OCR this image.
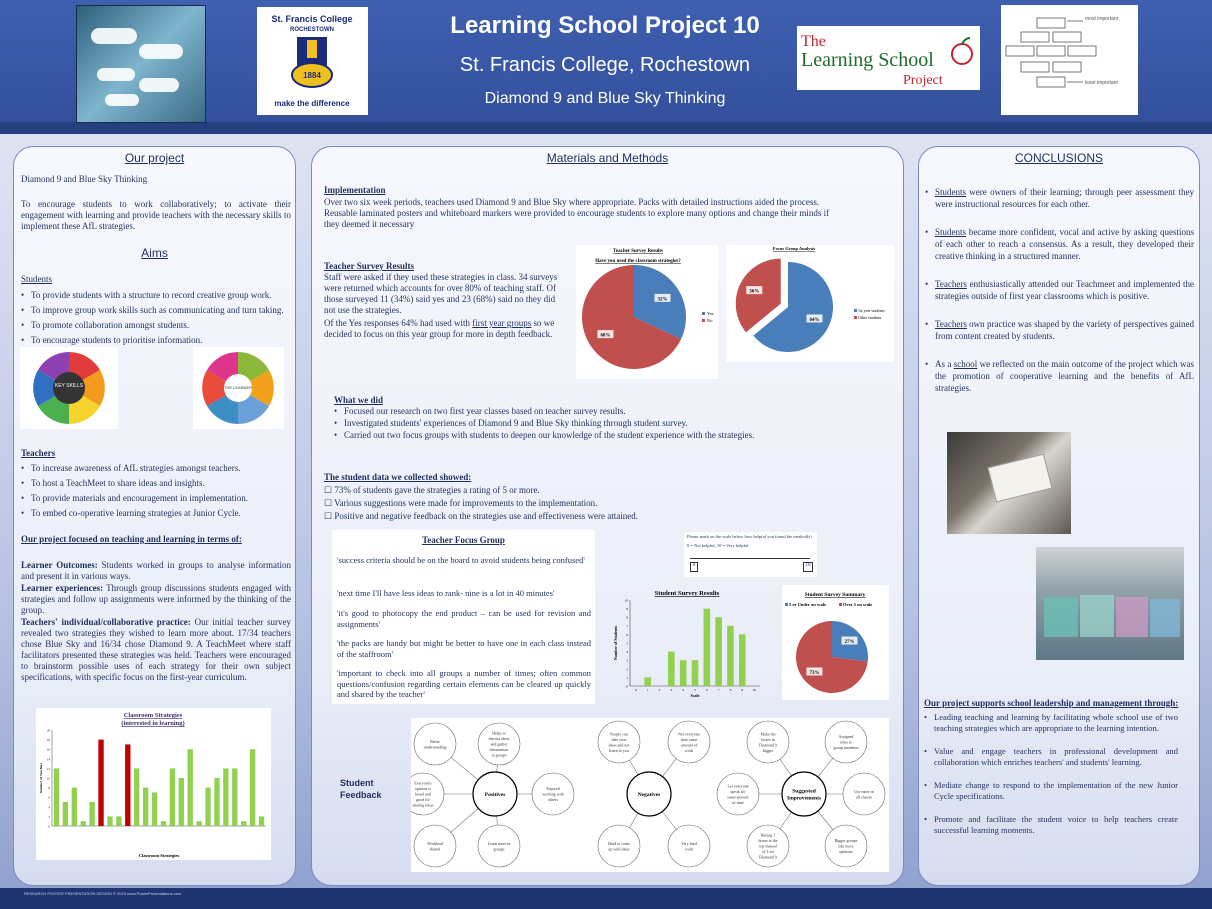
St. Francis College
ROCHESTOWN
1884
make the difference
Learning School Project 10
St. Francis College, Rochestown
Diamond 9 and Blue Sky Thinking
The
Learning School
Project
most important
least important
Our project
Diamond 9 and Blue Sky Thinking
To encourage students to work collaboratively; to activate their engagement with learning and provide teachers with the necessary skills to implement these AfL strategies.
Aims
Students
• To provide students with a structure to record creative group work.
• To improve group work skills such as communicating and turn taking.
• To promote collaboration amongst students.
• To encourage students to prioritise information.
KEY SKILLS	THE LEARNER
Teachers
• To increase awareness of AfL strategies amongst teachers.
• To host a TeachMeet to share ideas and insights.
• To provide materials and encouragement in implementation.
• To embed co-operative learning strategies at Junior Cycle.
Our project focused on teaching and learning in terms of:
Learner Outcomes: Students worked in groups to analyse information and present it in various ways.
Learner experiences: Through group discussions students engaged with strategies and follow up assignments were informed by the thinking of the group.
Teachers' individual/collaborative practice: Our initial teacher survey revealed two strategies they wished to learn more about. 17/34 teachers chose Blue Sky and 16/34 chose Diamond 9. A TeachMeet where staff facilitators presented these strategies was held. Teachers were encouraged to brainstorm possible uses of each strategy for their own subject specifications, with specific focus on the first-year curriculum.
Classroom Strategies
(interested in learning)
0
2
4
6
8
10
12
14
16
18
20
Classroom Strategies
Number of Teachers
Materials and Methods
Implementation
Over two six week periods, teachers used Diamond 9 and Blue Sky where appropriate. Packs with detailed instructions aided the process. Reusable laminated posters and whiteboard markers were provided to encourage students to explore many options and change their minds if they deemed it necessary
Teacher Survey Results
Staff were asked if they used these strategies in class. 34 surveys were returned which accounts for over 80% of teaching staff. Of those surveyed 11 (34%) said yes and 23 (68%) said no they did not use the strategies.
Of the Yes responses 64% had used with first year groups so we decided to focus on this year group for more in depth feedback.
Teacher Survey Results
Have you used the classroom strategies?
32%
68%
Yes
No
Focus Group Analysis
64%
36%
1st year students
Other students
What we did
• Focused our research on two first year classes based on teacher survey results.
• Investigated students' experiences of Diamond 9 and Blue Sky thinking through student survey.
• Carried out two focus groups with students to deepen our knowledge of the student experience with the strategies.
The student data we collected showed:
☐ 73% of students gave the strategies a rating of 5 or more.
☐ Various suggestions were made for improvements to the implementation.
☐ Positive and negative feedback on the strategies use and effectiveness were attained.
Teacher Focus Group
'success criteria should be on the board to avoid students being confused'
'next time I'll have less ideas to rank- nine is a lot in 40 minutes'
'it's good to photocopy the end product – can be used for revision and assignments'
'the packs are handy but might be better to have one in each class instead of the staffroom'
'important to check into all groups a number of times; often common questions/confusion regarding certain elements can be cleared up quickly and shared by the teacher'
Please mark on the scale below how helpful you found the method(s)
0 = Not helpful, 10 = Very helpful
0	10
Student Survey Results
0
1
2
3
4
5
6
7
8
9
10
0	1	2	3	4	5	6	7	8	9	10
Scale
Number of Students
Student Survey Summary
5 or Under on scale	Over 5 on scale
27%
73%
Student Feedback
Better
understanding
Helps to
discuss ideas
and gather
information
in groups
Enjoyed
working with
others
Learn more in
groups
Workload
shared
Everyone's
opinion is
heard and
good for
sharing ideas
Positives
People can
take your
ideas and not
listen to you
Not everyone
does same
amount of
work
Very hard
work
Hard to come
up with ideas
Negatives
Make the
boxes in
Diamond 9
bigger
Assigned
roles to
group members
Use more in
all classes
Bigger groups
like more
opinions
Having 1
boxes at the
top instead
of 1 for
Diamond 9
Let everyone
speak for
same amount
of time
Suggested
Improvements
CONCLUSIONS
• Students were owners of their learning; through peer assessment they were instructional resources for each other.
• Students became more confident, vocal and active by asking questions of each other to reach a consensus. As a result, they developed their creative thinking in a structured manner.
• Teachers enthusiastically attended our Teachmeet and implemented the strategies outside of first year classrooms which is positive.
• Teachers own practice was shaped by the variety of perspectives gained from content created by students.
• As a school we reflected on the main outcome of the project which was the promotion of cooperative learning and the benefits of AfL strategies.
Our project supports school leadership and management through:
• Leading teaching and learning by facilitating whole school use of two teaching strategies which are appropriate to the learning intention.
• Value and engage teachers in professional development and collaboration which enriches teachers' and students' learning.
• Mediate change to respond to the implementation of the new Junior Cycle specifications.
• Promote and facilitate the student voice to help teachers create successful learning moments.
RESEARCH POSTER PRESENTATION DESIGN © 2015 www.PosterPresentations.com
